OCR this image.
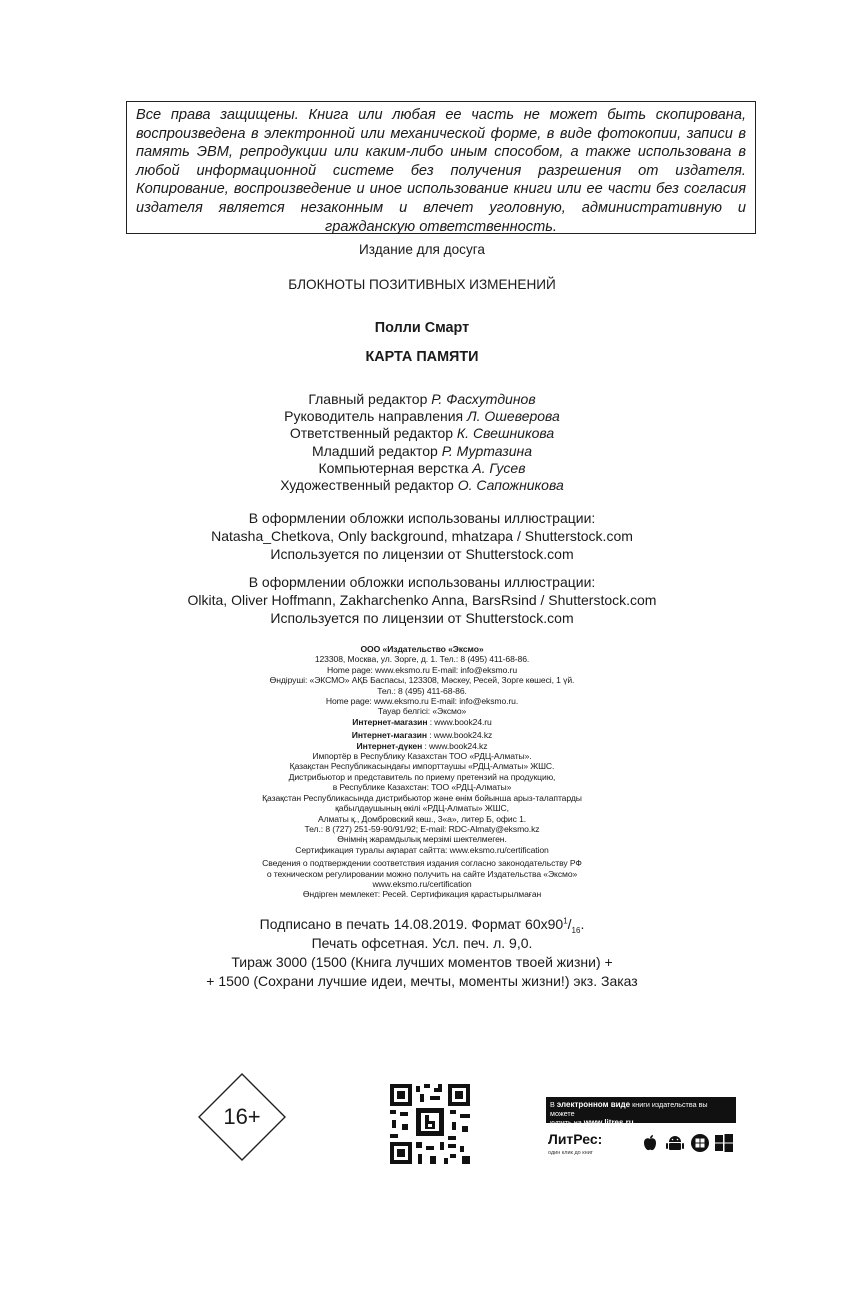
Все права защищены. Книга или любая ее часть не может быть скопирована, воспроизведена в электронной или механической форме, в виде фотокопии, записи в память ЭВМ, репродукции или каким-либо иным способом, а также использована в любой информационной системе без получения разрешения от издателя. Копирование, воспроизведение и иное использование книги или ее части без согласия издателя является незаконным и влечет уголовную, административную и гражданскую ответственность.

Издание для досуга
БЛОКНОТЫ ПОЗИТИВНЫХ ИЗМЕНЕНИЙ
Полли Смарт
КАРТА ПАМЯТИ
Главный редактор Р. Фасхутдинов
Руководитель направления Л. Ошеверова
Ответственный редактор К. Свешникова
Младший редактор Р. Муртазина
Компьютерная верстка А. Гусев
Художественный редактор О. Сапожникова
В оформлении обложки использованы иллюстрации:
Natasha_Chetkova, Only background, mhatzapa / Shutterstock.com
Используется по лицензии от Shutterstock.com
В оформлении обложки использованы иллюстрации:
Olkita, Oliver Hoffmann, Zakharchenko Anna, BarsRsind / Shutterstock.com
Используется по лицензии от Shutterstock.com
ООО «Издательство «Эксмо»
123308, Москва, ул. Зорге, д. 1. Тел.: 8 (495) 411-68-86.
Home page: www.eksmo.ru E-mail: info@eksmo.ru
Өндіруші: «ЭКСМО» АҚБ Баспасы, 123308, Мәскеу, Ресей, Зорге көшесі, 1 үй.
Тел.: 8 (495) 411-68-86.
Home page: www.eksmo.ru E-mail: info@eksmo.ru.
Тауар белгісі: «Эксмо»
Интернет-магазин : www.book24.ru
Интернет-магазин : www.book24.kz
Интернет-дүкен : www.book24.kz
Импортёр в Республику Казахстан ТОО «РДЦ-Алматы».
Қазақстан Республикасындағы импорттаушы «РДЦ-Алматы» ЖШС.
Дистрибьютор и представитель по приему претензий на продукцию,
в Республике Казахстан: ТОО «РДЦ-Алматы»
Қазақстан Республикасында дистрибьютор және өнім бойынша арыз-талаптарды
қабылдаушының өкілі «РДЦ-Алматы» ЖШС,
Алматы қ., Домбровский көш., 3«а», литер Б, офис 1.
Тел.: 8 (727) 251-59-90/91/92; E-mail: RDC-Almaty@eksmo.kz
Өнімнің жарамдылық мерзімі шектелмеген.
Сертификация туралы ақпарат сайтта: www.eksmo.ru/certification
Сведения о подтверждении соответствия издания согласно законодательству РФ
о техническом регулировании можно получить на сайте Издательства «Эксмо»
www.eksmo.ru/certification
Өндірген мемлекет: Ресей. Сертификация қарастырылмаған
Подписано в печать 14.08.2019. Формат $60x90^1/_{16}$.
Печать офсетная. Усл. печ. л. 9,0.
Тираж 3000 (1500 (Книга лучших моментов твоей жизни) +
+ 1500 (Сохрани лучшие идеи, мечты, моменты жизни!) экз. Заказ
16+	В электронном виде книги издательства вы можете
купить на www.litres.ru
ЛитРес:
один клик до книг
